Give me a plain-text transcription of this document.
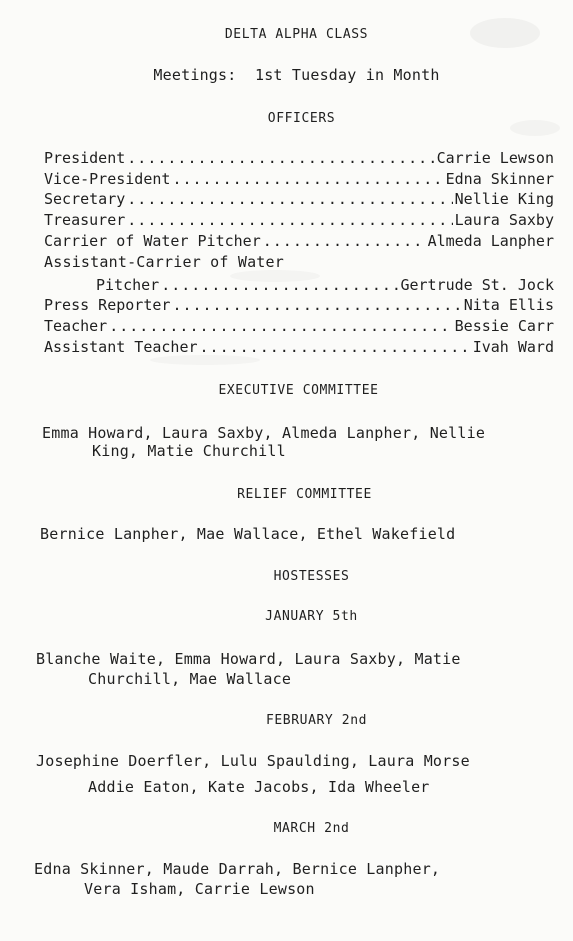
DELTA ALPHA CLASS
Meetings:  1st Tuesday in Month
OFFICERS
President .....	Carrie Lewson
Vice-President .....	Edna Skinner
Secretary .....	Nellie King
Treasurer .....	Laura Saxby
Carrier of Water Pitcher .....	Almeda Lanpher
Assistant-Carrier of Water
Pitcher .....	Gertrude St. Jock
Press Reporter .....	Nita Ellis
Teacher .....	Bessie Carr
Assistant Teacher .....	Ivah Ward
EXECUTIVE COMMITTEE
Emma Howard, Laura Saxby, Almeda Lanpher, Nellie
King, Matie Churchill
RELIEF COMMITTEE
Bernice Lanpher, Mae Wallace, Ethel Wakefield
HOSTESSES
JANUARY 5th
Blanche Waite, Emma Howard, Laura Saxby, Matie
Churchill, Mae Wallace
FEBRUARY 2nd
Josephine Doerfler, Lulu Spaulding, Laura Morse
Addie Eaton, Kate Jacobs, Ida Wheeler
MARCH 2nd
Edna Skinner, Maude Darrah, Bernice Lanpher,
Vera Isham, Carrie Lewson
